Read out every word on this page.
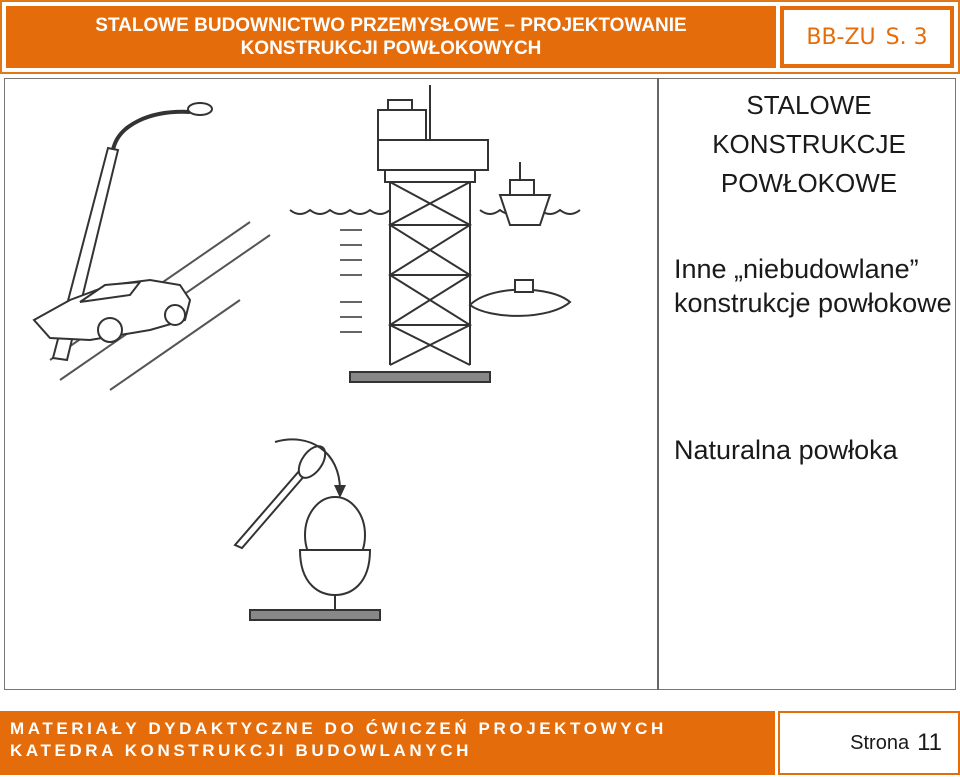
STALOWE BUDOWNICTWO PRZEMYSŁOWE – PROJEKTOWANIE
KONSTRUKCJI POWŁOKOWYCH	BB-ZU S. 3
STALOWE
KONSTRUKCJE
POWŁOKOWE
Inne „niebudowlane”
konstrukcje powłokowe
Naturalna powłoka
MATERIAŁY DYDAKTYCZNE DO ĆWICZEŃ PROJEKTOWYCH
KATEDRA KONSTRUKCJI BUDOWLANYCH	Strona 11
